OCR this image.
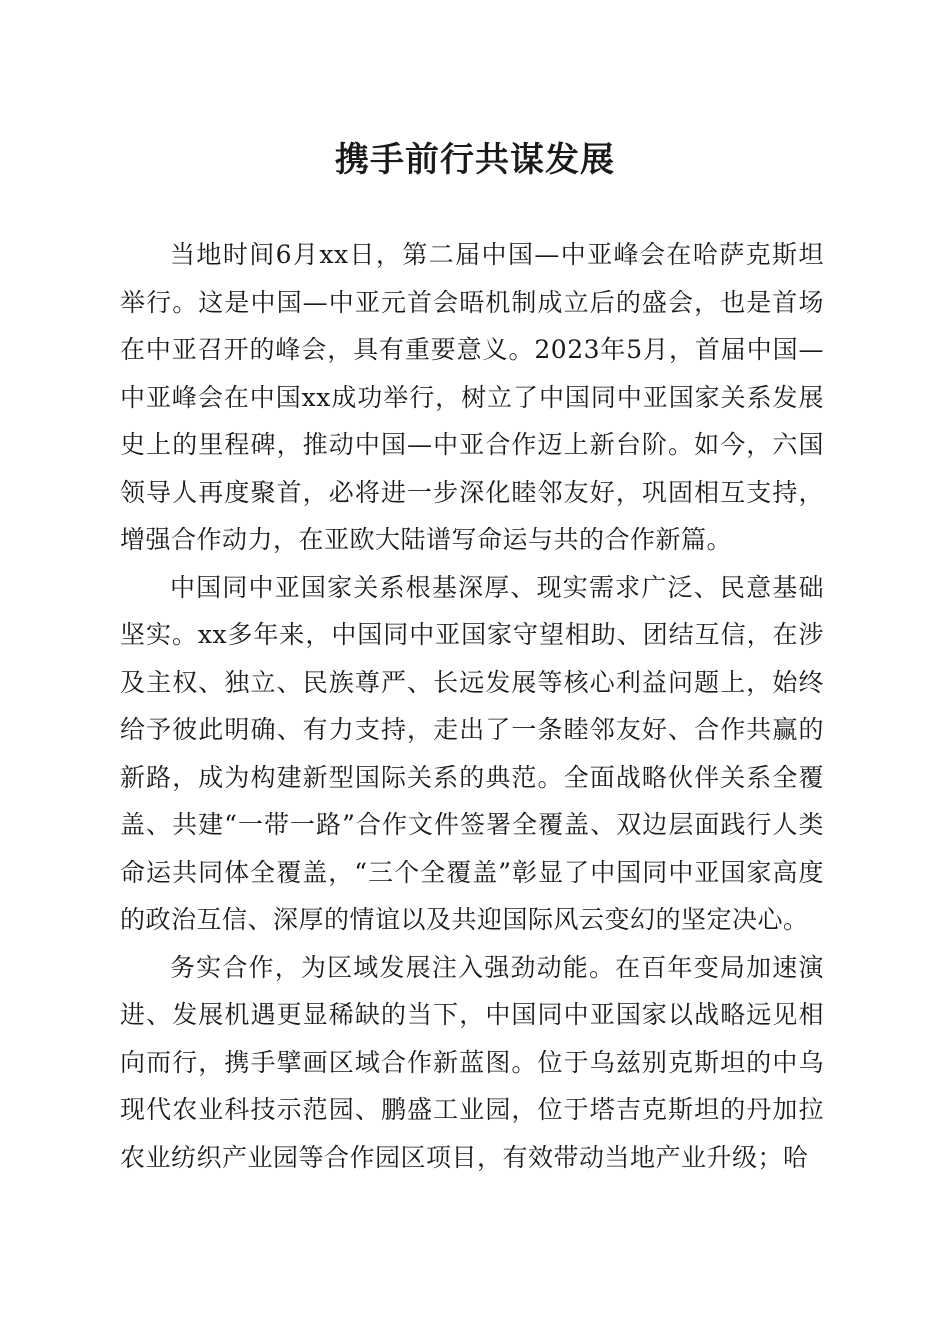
携手前行共谋发展

当地时间6月xx日，第二届中国—中亚峰会在哈萨克斯坦举行。这是中国—中亚元首会晤机制成立后的盛会，也是首场在中亚召开的峰会，具有重要意义。2023年5月，首届中国—中亚峰会在中国xx成功举行，树立了中国同中亚国家关系发展史上的里程碑，推动中国—中亚合作迈上新台阶。如今，六国领导人再度聚首，必将进一步深化睦邻友好，巩固相互支持，增强合作动力，在亚欧大陆谱写命运与共的合作新篇。

中国同中亚国家关系根基深厚、现实需求广泛、民意基础坚实。xx多年来，中国同中亚国家守望相助、团结互信，在涉及主权、独立、民族尊严、长远发展等核心利益问题上，始终给予彼此明确、有力支持，走出了一条睦邻友好、合作共赢的新路，成为构建新型国际关系的典范。全面战略伙伴关系全覆盖、共建“一带一路”合作文件签署全覆盖、双边层面践行人类命运共同体全覆盖，“三个全覆盖”彰显了中国同中亚国家高度的政治互信、深厚的情谊以及共迎国际风云变幻的坚定决心。

务实合作，为区域发展注入强劲动能。在百年变局加速演进、发展机遇更显稀缺的当下，中国同中亚国家以战略远见相向而行，携手擘画区域合作新蓝图。位于乌兹别克斯坦的中乌现代农业科技示范园、鹏盛工业园，位于塔吉克斯坦的丹加拉农业纺织产业园等合作园区项目，有效带动当地产业升级；哈
